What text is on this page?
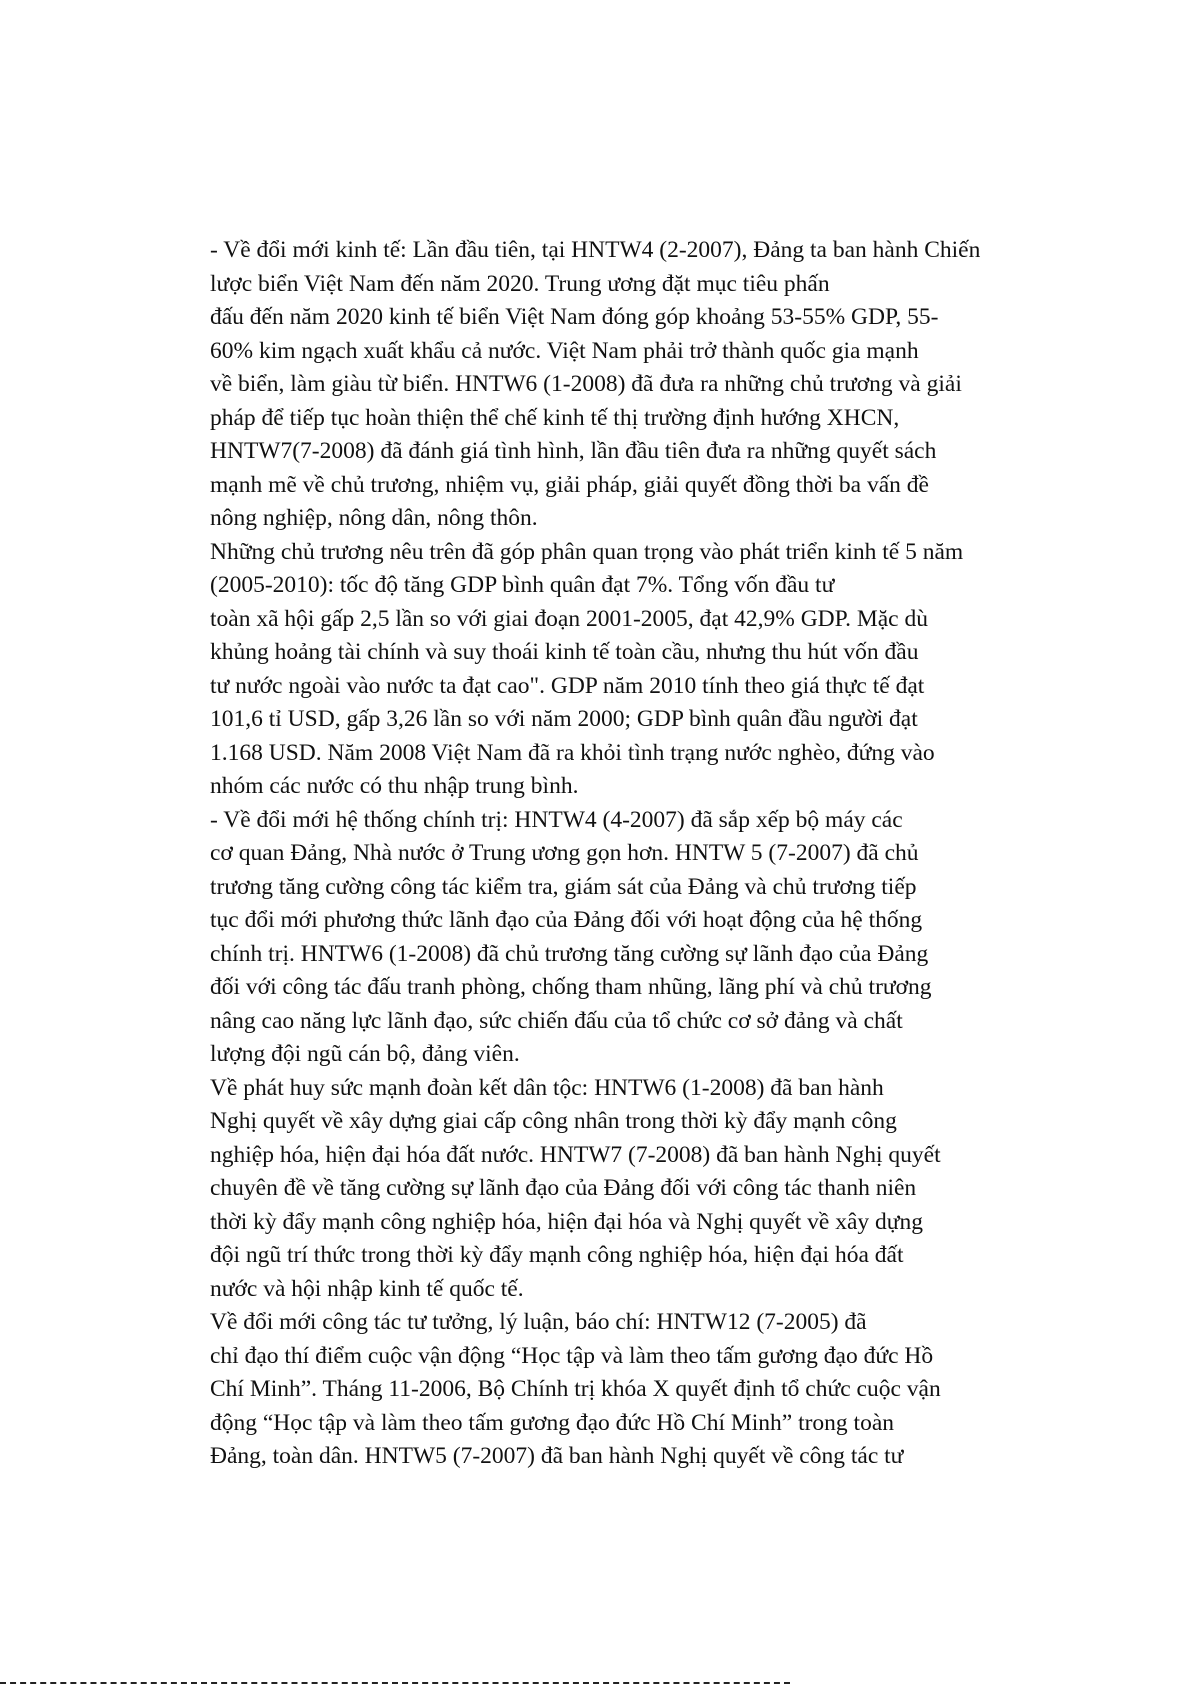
- Về đổi mới kinh tế: Lần đầu tiên, tại HNTW4 (2-2007), Đảng ta ban hành Chiến
lược biển Việt Nam đến năm 2020. Trung ương đặt mục tiêu phấn
đấu đến năm 2020 kinh tế biển Việt Nam đóng góp khoảng 53-55% GDP, 55-
60% kim ngạch xuất khẩu cả nước. Việt Nam phải trở thành quốc gia mạnh
về biển, làm giàu từ biển. HNTW6 (1-2008) đã đưa ra những chủ trương và giải
pháp để tiếp tục hoàn thiện thể chế kinh tế thị trường định hướng XHCN,
HNTW7(7-2008) đã đánh giá tình hình, lần đầu tiên đưa ra những quyết sách
mạnh mẽ về chủ trương, nhiệm vụ, giải pháp, giải quyết đồng thời ba vấn đề
nông nghiệp, nông dân, nông thôn.
Những chủ trương nêu trên đã góp phân quan trọng vào phát triển kinh tế 5 năm
(2005-2010): tốc độ tăng GDP bình quân đạt 7%. Tổng vốn đầu tư
toàn xã hội gấp 2,5 lần so với giai đoạn 2001-2005, đạt 42,9% GDP. Mặc dù
khủng hoảng tài chính và suy thoái kinh tế toàn cầu, nhưng thu hút vốn đầu
tư nước ngoài vào nước ta đạt cao". GDP năm 2010 tính theo giá thực tế đạt
101,6 tỉ USD, gấp 3,26 lần so với năm 2000; GDP bình quân đầu người đạt
1.168 USD. Năm 2008 Việt Nam đã ra khỏi tình trạng nước nghèo, đứng vào
nhóm các nước có thu nhập trung bình.
- Về đổi mới hệ thống chính trị: HNTW4 (4-2007) đã sắp xếp bộ máy các
cơ quan Đảng, Nhà nước ở Trung ương gọn hơn. HNTW 5 (7-2007) đã chủ
trương tăng cường công tác kiểm tra, giám sát của Đảng và chủ trương tiếp
tục đổi mới phương thức lãnh đạo của Đảng đối với hoạt động của hệ thống
chính trị. HNTW6 (1-2008) đã chủ trương tăng cường sự lãnh đạo của Đảng
đối với công tác đấu tranh phòng, chống tham nhũng, lãng phí và chủ trương
nâng cao năng lực lãnh đạo, sức chiến đấu của tổ chức cơ sở đảng và chất
lượng đội ngũ cán bộ, đảng viên.
Về phát huy sức mạnh đoàn kết dân tộc: HNTW6 (1-2008) đã ban hành
Nghị quyết về xây dựng giai cấp công nhân trong thời kỳ đẩy mạnh công
nghiệp hóa, hiện đại hóa đất nước. HNTW7 (7-2008) đã ban hành Nghị quyết
chuyên đề về tăng cường sự lãnh đạo của Đảng đối với công tác thanh niên
thời kỳ đẩy mạnh công nghiệp hóa, hiện đại hóa và Nghị quyết về xây dựng
đội ngũ trí thức trong thời kỳ đẩy mạnh công nghiệp hóa, hiện đại hóa đất
nước và hội nhập kinh tế quốc tế.
Về đổi mới công tác tư tưởng, lý luận, báo chí: HNTW12 (7-2005) đã
chỉ đạo thí điểm cuộc vận động “Học tập và làm theo tấm gương đạo đức Hồ
Chí Minh”. Tháng 11-2006, Bộ Chính trị khóa X quyết định tổ chức cuộc vận
động “Học tập và làm theo tấm gương đạo đức Hồ Chí Minh” trong toàn
Đảng, toàn dân. HNTW5 (7-2007) đã ban hành Nghị quyết về công tác tư
